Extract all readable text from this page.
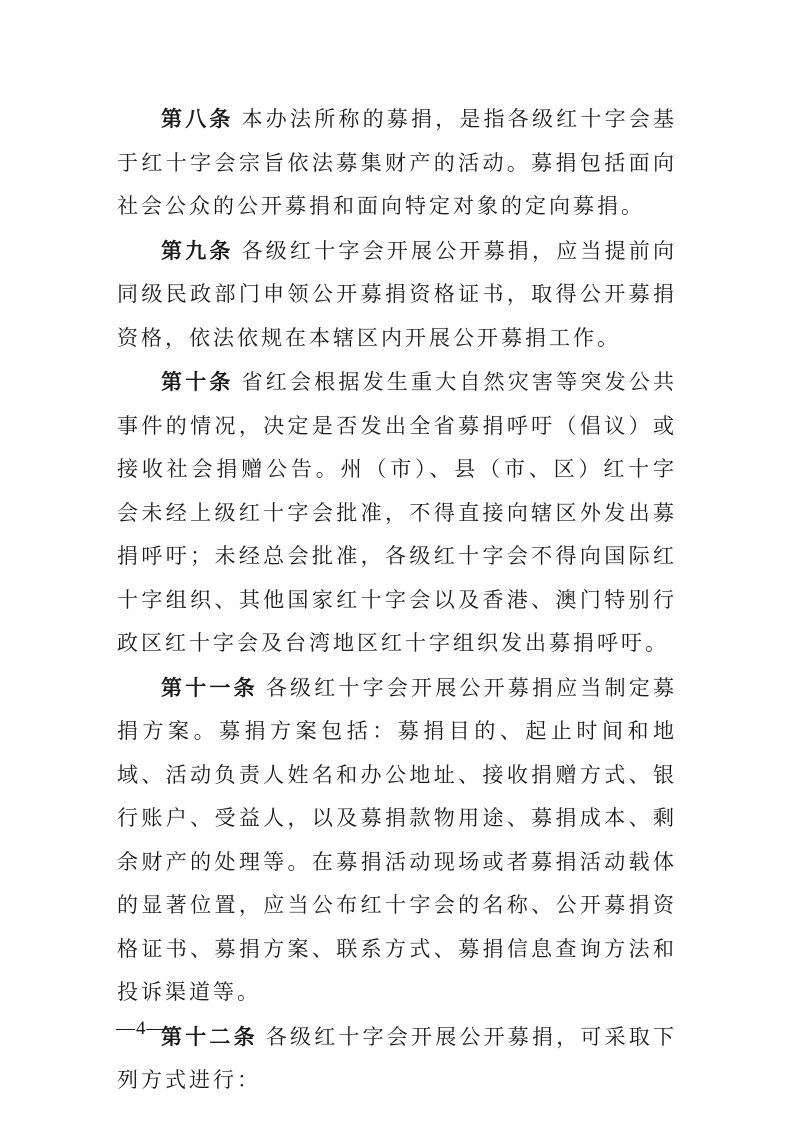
第八条 本办法所称的募捐，是指各级红十字会基于红十字会宗旨依法募集财产的活动。募捐包括面向社会公众的公开募捐和面向特定对象的定向募捐。

第九条 各级红十字会开展公开募捐，应当提前向同级民政部门申领公开募捐资格证书，取得公开募捐资格，依法依规在本辖区内开展公开募捐工作。

第十条 省红会根据发生重大自然灾害等突发公共事件的情况，决定是否发出全省募捐呼吁（倡议）或接收社会捐赠公告。州（市）、县（市、区）红十字会未经上级红十字会批准，不得直接向辖区外发出募捐呼吁；未经总会批准，各级红十字会不得向国际红十字组织、其他国家红十字会以及香港、澳门特别行政区红十字会及台湾地区红十字组织发出募捐呼吁。

第十一条 各级红十字会开展公开募捐应当制定募捐方案。募捐方案包括：募捐目的、起止时间和地域、活动负责人姓名和办公地址、接收捐赠方式、银行账户、受益人，以及募捐款物用途、募捐成本、剩余财产的处理等。在募捐活动现场或者募捐活动载体的显著位置，应当公布红十字会的名称、公开募捐资格证书、募捐方案、联系方式、募捐信息查询方法和投诉渠道等。

第十二条 各级红十字会开展公开募捐，可采取下列方式进行：

—4—
